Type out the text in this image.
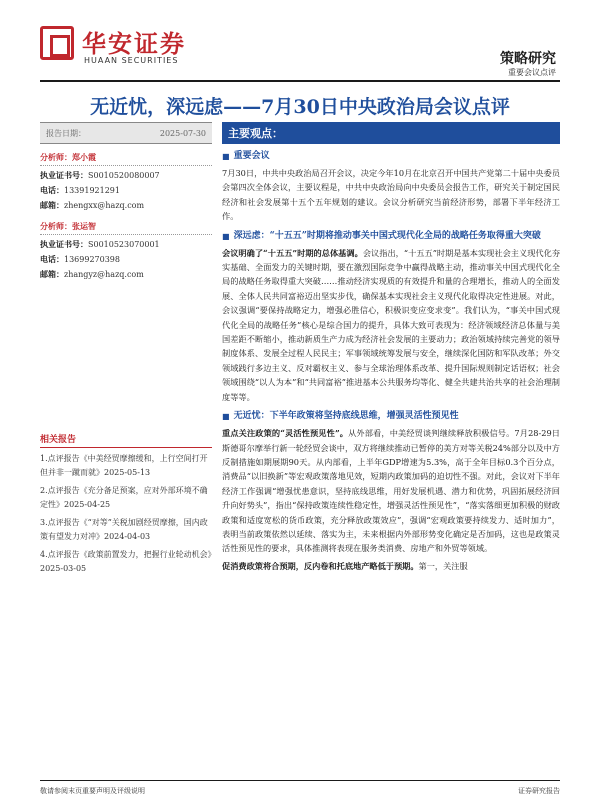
华安证券
HUAAN SECURITIES	策略研究
重要会议点评
无近忧，深远虑——7月30日中央政治局会议点评
报告日期：	2025-07-30
分析师：郑小霞
执业证书号：S0010520080007
电话：13391921291
邮箱：zhengxx@hazq.com
分析师：张运智
执业证书号：S0010523070001
电话：13699270398
邮箱：zhangyz@hazq.com
相关报告
1.点评报告《中美经贸摩擦缓和，上行空间打开但并非一蹴而就》2025-05-13
2.点评报告《充分备足预案，应对外部环境不确定性》2025-04-25
3.点评报告《“对等”关税加剧经贸摩擦，国内政策有望发力对冲》2024-04-03
4.点评报告《政策前置发力，把握行业轮动机会》2025-03-05
主要观点：
■ 重要会议
7月30日，中共中央政治局召开会议，决定今年10月在北京召开中国共产党第二十届中央委员会第四次全体会议，主要议程是，中共中央政治局向中央委员会报告工作，研究关于制定国民经济和社会发展第十五个五年规划的建议。会议分析研究当前经济形势，部署下半年经济工作。
■ 深远虑：“十五五”时期将推动事关中国式现代化全局的战略任务取得重大突破
会议明确了“十五五”时期的总体基调。会议指出，“十五五”时期是基本实现社会主义现代化夯实基础、全面发力的关键时期，要在激烈国际竞争中赢得战略主动，推动事关中国式现代化全局的战略任务取得重大突破……推动经济实现质的有效提升和量的合理增长，推动人的全面发展、全体人民共同富裕迈出坚实步伐，确保基本实现社会主义现代化取得决定性进展。对此，会议强调“要保持战略定力，增强必胜信心，积极识变应变求变”。我们认为，“事关中国式现代化全局的战略任务”核心是综合国力的提升，具体大致可表现为：经济领域经济总体量与美国差距不断缩小，推动新质生产力成为经济社会发展的主要动力；政治领域持续完善党的领导制度体系、发展全过程人民民主；军事领域统筹发展与安全，继续深化国防和军队改革；外交领域践行多边主义、反对霸权主义、参与全球治理体系改革、提升国际规则制定话语权；社会领域围绕“以人为本”和“共同富裕”推进基本公共服务均等化、健全共建共治共享的社会治理制度等等。
■ 无近忧：下半年政策将坚持底线思维，增强灵活性预见性
重点关注政策的“灵活性预见性”。从外部看，中美经贸谈判继续释放积极信号。7月28-29日斯德哥尔摩举行新一轮经贸会谈中，双方将继续推动已暂停的美方对等关税24%部分以及中方反制措施如期展期90天。从内部看，上半年GDP增速为5.3%，高于全年目标0.3个百分点，消费品“以旧换新”等宏观政策落地见效，短期内政策加码的迫切性不强。对此，会议对下半年经济工作强调“增强忧患意识，坚持底线思维，用好发展机遇、潜力和优势，巩固拓展经济回升向好势头”，指出“保持政策连续性稳定性，增强灵活性预见性”，“落实落细更加积极的财政政策和适度宽松的货币政策，充分释放政策效应”，强调“宏观政策要持续发力、适时加力”，表明当前政策依然以延续、落实为主，未来根据内外部形势变化确定是否加码，这也是政策灵活性预见性的要求，具体推测将表现在服务类消费、房地产和外贸等领域。
促消费政策将合预期，反内卷和托底地产略低于预期。第一，关注服
敬请参阅末页重要声明及评级说明	证券研究报告
